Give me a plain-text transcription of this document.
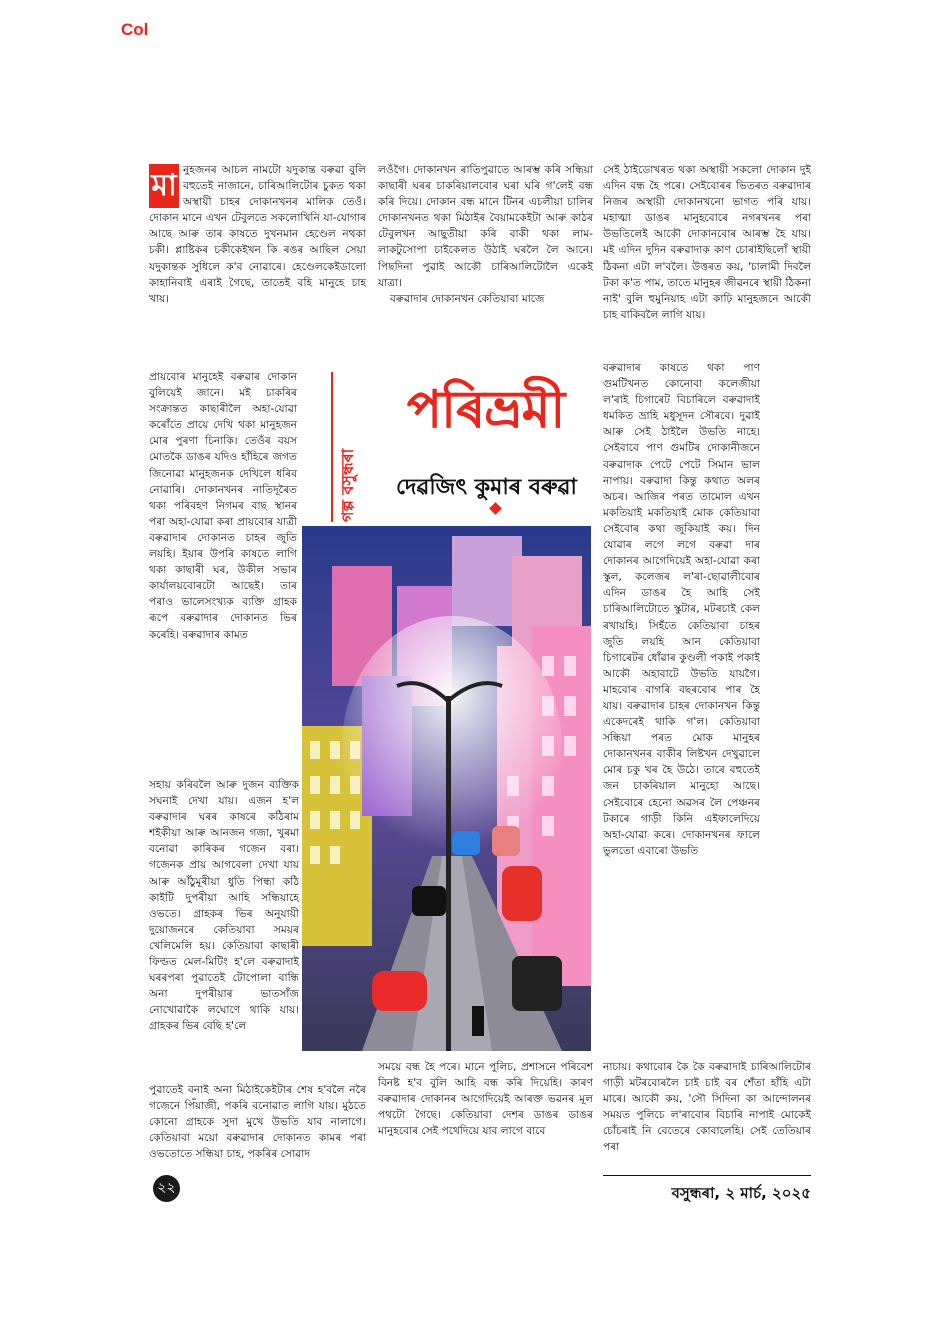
Col
মা নুহজনৰ আচল নামটো যদুকান্ত বৰুৱা বুলি বহুতেই নাজানে, চাৰিআলিটোৰ চুকত থকা অস্থায়ী চাহৰ দোকানখনৰ মালিক তেওঁ। দোকান মানে এখন টেবুলতে সকলোখিনি যা-যোগাৰ আছে আৰু তাৰ কাষতে দুখনমান হেণ্ডেল নথকা চকী। প্লাষ্টিকৰ চকীকেইখন কি ৰঙৰ আছিল সেয়া যদুকান্তক সুধিলে ক'ব নোৱাৰে। হেণ্ডেলকেইডালো কাহানিবাই এৰাই গৈছে, তাতেই বহি মানুহে চাহ খায়।

গল্প বসুন্ধৰা

প্ৰায়বোৰ মানুহেই বৰুৱাৰ দোকান বুলিয়েই জানে। মই চাকৰিৰ সংক্ৰান্তত কাছাৰীলৈ অহা-যোৱা কৰোঁতে প্ৰায়ে দেখি থকা মানুহজন মোৰ পুৰণা চিনাকি। তেওঁৰ বয়স মোতকৈ ডাঙৰ যদিও হাঁহিৰে জগত জিনোৱা মানুহজনক দেখিলে ধৰিব নোৱাৰি। দোকানখনৰ নাতিদূৰৈত থকা পৰিবহণ নিগমৰ বাছ স্থানৰ পৰা অহা-যোৱা কৰা প্ৰায়বোৰ যাত্ৰী বৰুৱাদাৰ দোকানত চাহৰ জুতি লয়হি। ইয়াৰ উপৰি কাষতে লাগি থকা কাছাৰী ঘৰ, উকীল সভাৰ কাৰ্যালয়বোৰটো আছেই। তাৰ পৰাও ভালেসংখ্যক ব্যক্তি গ্ৰাহক ৰূপে বৰুৱাদাৰ দোকানত ভিৰ কৰেহি। বৰুৱাদাৰ কামত

সহায় কৰিবলৈ আৰু দুজন ব্যক্তিক সঘনাই দেখা যায়। এজন হ'ল বৰুৱাদাৰ ঘৰৰ কাষৰে কঠিৰাম শইকীয়া আৰু আনজন গজা, খুৰমা বনোৱা কাৰিকৰ গজেন বৰা। গজেনক প্ৰায় আগবেলা দেখা যায় আৰু আঁঠুমূৰীয়া ধুতি পিন্ধা কঠি কাইটি দুপৰীয়া আহি সন্ধিয়াহে ওভতে। গ্ৰাহকৰ ভিৰ অনুযায়ী দুয়োজনৰে কেতিয়াবা সময়ৰ খেলিমেলি হয়। কেতিয়াবা কাছাৰী ফিল্ডত মেল-মিটিং হ'লে বৰুৱাদাই ঘৰৰপৰা পুৱাতেই টোপোলা বান্ধি অনা দুপৰীয়াৰ ভাতসাঁজ নোখোৱাকৈ লঘোণে থাকি যায়। গ্ৰাহকৰ ভিৰ বেছি হ'লে

পুৱাতেই বনাই অনা মিঠাইকেইটাৰ শেষ হ'বলৈ নৰৈ গজেনে পিঁয়াজী, পকৰি বনোৱাত লাগি যায়। মুঠতে কোনো গ্ৰাহকে সুদা মুখে উভতি যাব নালাগে। কেতিয়াবা ময়ো বৰুৱাদাৰ দোকানত কামৰ পৰা ওভতোতে সন্ধিয়া চাহ, পকৰিৰ সোৱাদ

লওঁগৈ। দোকানখন ৰাতিপুৱাতে আৰম্ভ কৰি সন্ধিয়া কাছাৰী ঘৰৰ চাকৰিয়ালবোৰ ঘৰা ঘৰি গ'লেই বন্ধ কৰি দিয়ে। দোকান বন্ধ মানে টিনৰ এচলীয়া চালিৰ দোকানখনত থকা মিঠাইৰ বৈয়ামকেইটা আৰু কাঠৰ টেবুলখন আছুতীয়া কৰি বাকী থকা লাম-লাকটুসোপা চাইকেলত উঠাই ঘৰলৈ লৈ আনে। পিছদিনা পুৱাই আকৌ চাৰিআলিটোলৈ একেই যাত্ৰা।

বৰুৱাদাৰ দোকানখন কেতিয়াবা মাজে

পৰিভ্ৰমী
দেৱজিৎ কুমাৰ বৰুৱা

সময়ে বন্ধ হৈ পৰে। মানে পুলিচ, প্ৰশাসনে পৰিবেশ বিনষ্ট হ'ব বুলি আহি বন্ধ কৰি দিয়েহি। কাৰণ বৰুৱাদাৰ দোকানৰ আগেদিয়েই আৰক্ত ভৱনৰ মূল পথটো গৈছে। কেতিয়াবা দেশৰ ডাঙৰ ডাঙৰ মানুহবোৰ সেই পথেদিয়ে যাব লাগে বাবে

সেই ঠাইডোখৰত থকা অস্থায়ী সকলো দোকান দুই এদিন বন্ধ হৈ পৰে। সেইবোৰৰ ভিতৰত বৰুৱাদাৰ নিজৰ অস্থায়ী দোকানখনো ভাগত পৰি যায়। মহাত্মা ডাঙৰ মানুহবোৰে নগৰখনৰ পৰা উভতিলেই আকৌ দোকানবোৰ আৰম্ভ হৈ যায়। মই এদিন দুদিন বৰুৱাদাক কাণ চোৰাইছিলোঁ স্থায়ী ঠিকনা এটা ল'বলৈ। উত্তৰত কয়, 'চালামী দিবলৈ টকা ক'ত পাম, তাতে মানুহৰ জীৱনৰে স্থায়ী ঠিকনা নাই' বুলি হুমুনিয়াহ এটা কাঢ়ি মানুহজনে আকৌ চাহ বাকিবলৈ লাগি যায়।

বৰুৱাদাৰ কাষতে থকা পাণ গুমটিখনত কোনোবা কলেজীয়া ল'ৰাই চিগাৰেট বিচাৰিলে বৰুৱাদাই ধমকিত ভ্ৰাহি মধুসূদন সৌৰবে। দুৱাই আৰু সেই ঠাইলৈ উভতি নাহে। সেইবাবে পাণ গুমটিৰ দোকানীজনে বৰুৱাদাক পেটে পেটে সিমান ভাল নাপায়। বৰুৱাদা কিন্তু কথাত অলৰ অচৰ। আজিৰ পৰত তামোল এখন মকতিয়াই মকতিয়াই মোক কেতিয়াবা সেইবোৰ কথা জুকিয়াই কয়। দিন যোৱাৰ লগে লগে বৰুৱা দাৰ দোকানৰ আগেদিয়েই অহা-যোৱা কৰা স্কুল, কলেজৰ ল'ৰা-ছোৱালীবোৰ এদিন ডাঙৰ হৈ আহি সেই চাৰিআলিটোতে স্কুটাৰ, মটৰচাই কেল ৰখায়হি। সিহঁতে কেতিয়াবা চাহৰ জুতি লয়হি আন কেতিয়াবা চিগাৰেটৰ ধোঁৱাৰ কুণ্ডলী পকাই পকাই আকৌ অহাবাটে উভতি যায়গৈ। মাহবোৰ বাগৰি বছৰবোৰ পাৰ হৈ যায়। বৰুৱাদাৰ চাহৰ দোকানখন কিন্তু একেদৰেই থাকি গ'ল। কেতিয়াবা সন্ধিয়া পৰত মোক মানুহৰ দোকানখনৰ বাকীৰ লিষ্টখন দেখুৱালে মোৰ চকু খৰ হৈ উঠে। তাৰে বহুতেই জন চাকৰিয়াল মানুহো আছে। সেইবোৰে হেনো অৱসৰ লৈ পেঞ্চনৰ টকাৰে গাড়ী কিনি এইফালেদিয়ে অহা-যোৱা কৰে। দোকানখনৰ ফালে ভুলতো এবাৰো উভতি

নাচায়। কথাবোৰ কৈ কৈ বৰুৱাদাই চাৰিআলিটোৰ গাড়ী মটৰবোৰলৈ চাই চাই বৰ শেঁতা হাঁহি এটা মাৰে। আকৌ কয়, 'সৌ সিদিনা কা আন্দোলনৰ সময়ত পুলিচে ল'ৰাবোৰ বিচাৰি নাপাই মোকেই চোঁচৰাই নি বেতেৰে কোবালেহি। সেই তেতিয়াৰ পৰা

২২	বসুন্ধৰা, ২ মাৰ্চ, ২০২৫
